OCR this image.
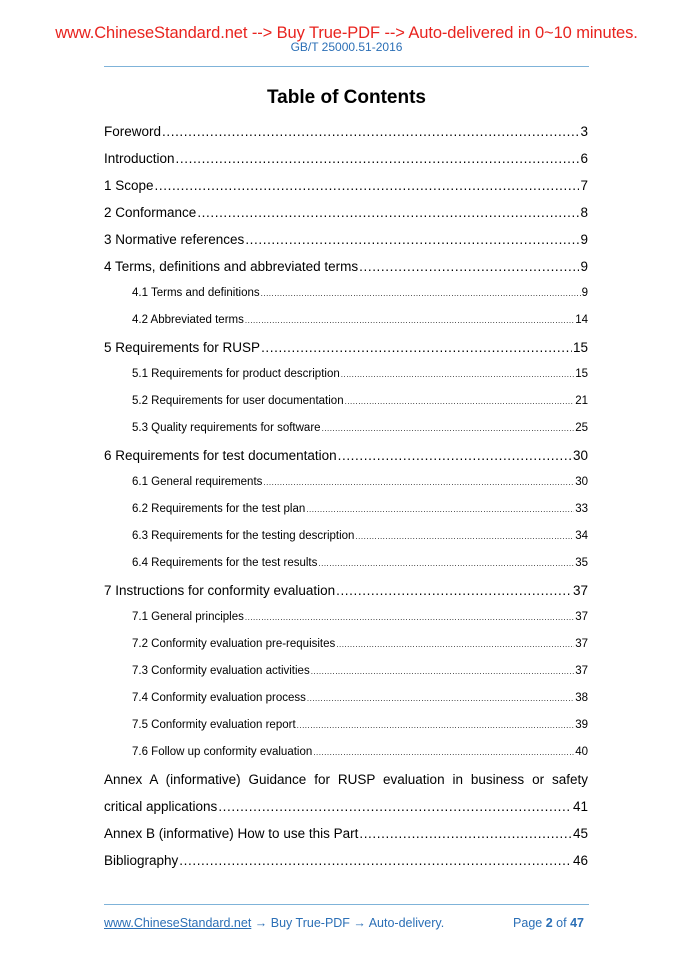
www.ChineseStandard.net --> Buy True-PDF --> Auto-delivered in 0~10 minutes.
GB/T 25000.51-2016
Table of Contents
Foreword .....	3
Introduction .....	6
1 Scope .....	7
2 Conformance .....	8
3 Normative references .....	9
4 Terms, definitions and abbreviated terms .....	9
4.1 Terms and definitions .....	9
4.2 Abbreviated terms .....	14
5 Requirements for RUSP .....	15
5.1 Requirements for product description .....	15
5.2 Requirements for user documentation .....	21
5.3 Quality requirements for software .....	25
6 Requirements for test documentation .....	30
6.1 General requirements .....	30
6.2 Requirements for the test plan .....	33
6.3 Requirements for the testing description .....	34
6.4 Requirements for the test results .....	35
7 Instructions for conformity evaluation .....	37
7.1 General principles .....	37
7.2 Conformity evaluation pre-requisites .....	37
7.3 Conformity evaluation activities .....	37
7.4 Conformity evaluation process .....	38
7.5 Conformity evaluation report .....	39
7.6 Follow up conformity evaluation .....	40
Annex A (informative) Guidance for RUSP evaluation in business or safety
critical applications .....	41
Annex B (informative) How to use this Part .....	45
Bibliography .....	46
www.ChineseStandard.net → Buy True-PDF → Auto-delivery.	Page 2 of 47
